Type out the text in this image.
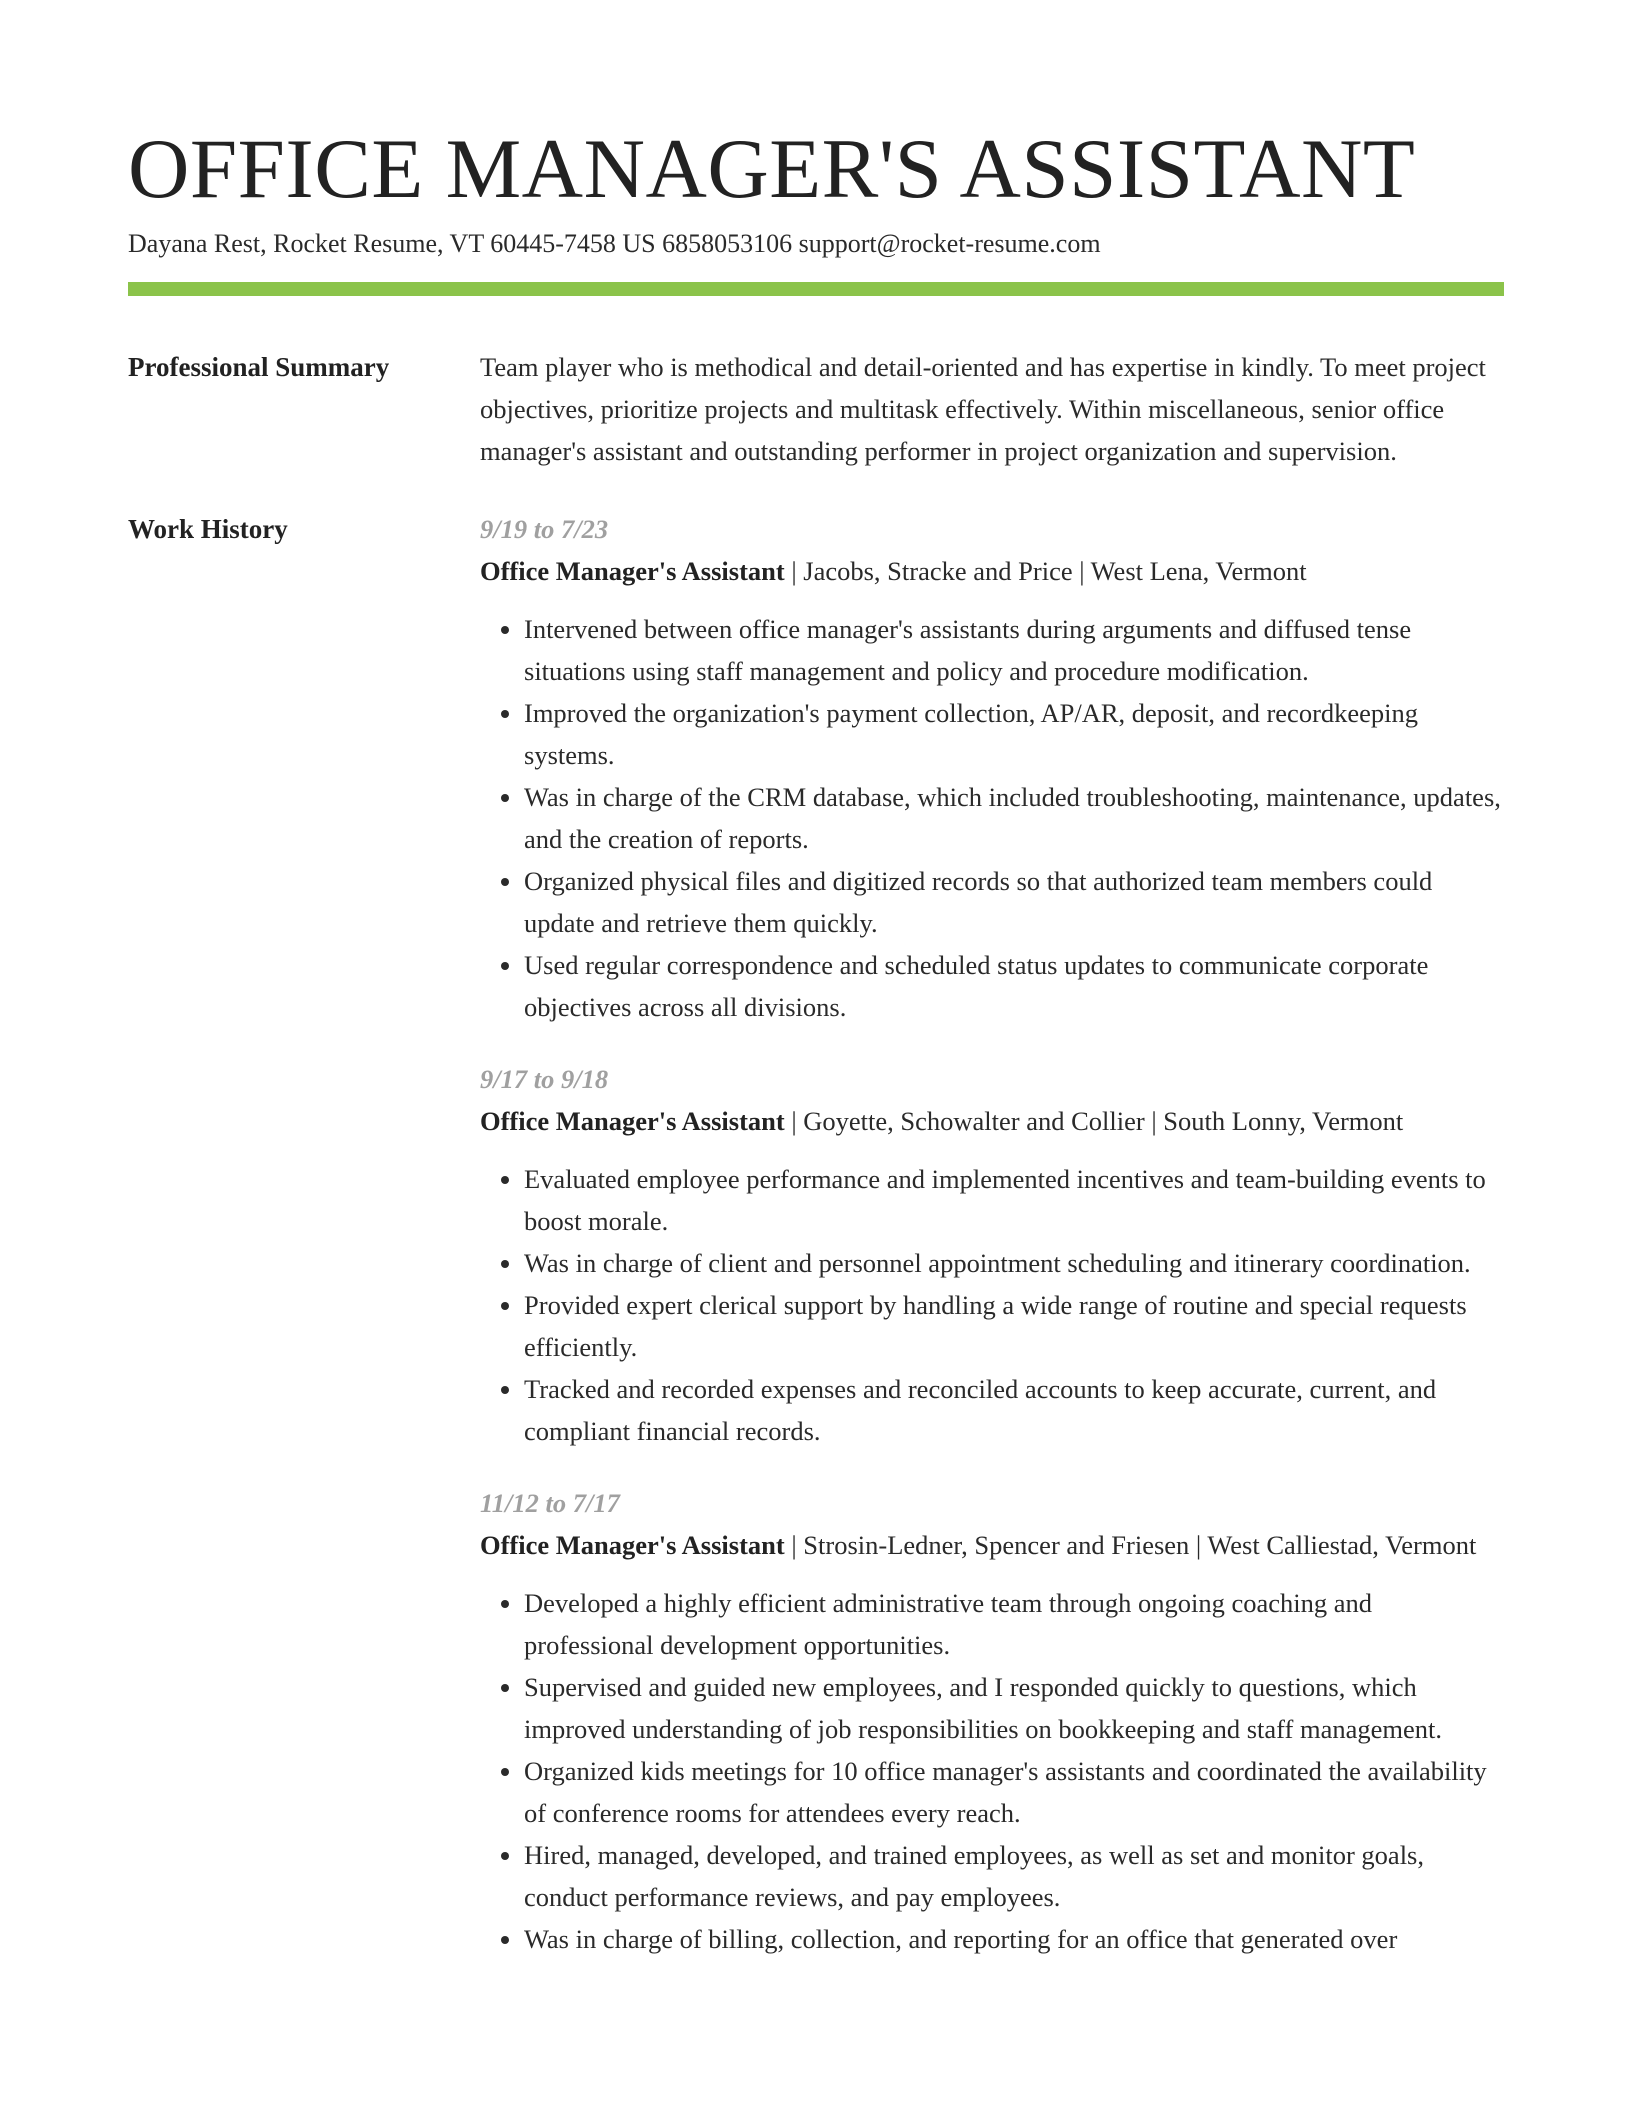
OFFICE MANAGER'S ASSISTANT
Dayana Rest, Rocket Resume, VT 60445-7458 US 6858053106 support@rocket-resume.com
Professional Summary	Team player who is methodical and detail-oriented and has expertise in kindly. To meet project objectives, prioritize projects and multitask effectively. Within miscellaneous, senior office manager's assistant and outstanding performer in project organization and supervision.

Work History	9/19 to 7/23
Office Manager's Assistant | Jacobs, Stracke and Price | West Lena, Vermont
• Intervened between office manager's assistants during arguments and diffused tense situations using staff management and policy and procedure modification.
• Improved the organization's payment collection, AP/AR, deposit, and recordkeeping systems.
• Was in charge of the CRM database, which included troubleshooting, maintenance, updates, and the creation of reports.
• Organized physical files and digitized records so that authorized team members could update and retrieve them quickly.
• Used regular correspondence and scheduled status updates to communicate corporate objectives across all divisions.
9/17 to 9/18
Office Manager's Assistant | Goyette, Schowalter and Collier | South Lonny, Vermont
• Evaluated employee performance and implemented incentives and team-building events to boost morale.
• Was in charge of client and personnel appointment scheduling and itinerary coordination.
• Provided expert clerical support by handling a wide range of routine and special requests efficiently.
• Tracked and recorded expenses and reconciled accounts to keep accurate, current, and compliant financial records.
11/12 to 7/17
Office Manager's Assistant | Strosin-Ledner, Spencer and Friesen | West Calliestad, Vermont
• Developed a highly efficient administrative team through ongoing coaching and professional development opportunities.
• Supervised and guided new employees, and I responded quickly to questions, which improved understanding of job responsibilities on bookkeeping and staff management.
• Organized kids meetings for 10 office manager's assistants and coordinated the availability of conference rooms for attendees every reach.
• Hired, managed, developed, and trained employees, as well as set and monitor goals, conduct performance reviews, and pay employees.
• Was in charge of billing, collection, and reporting for an office that generated over
